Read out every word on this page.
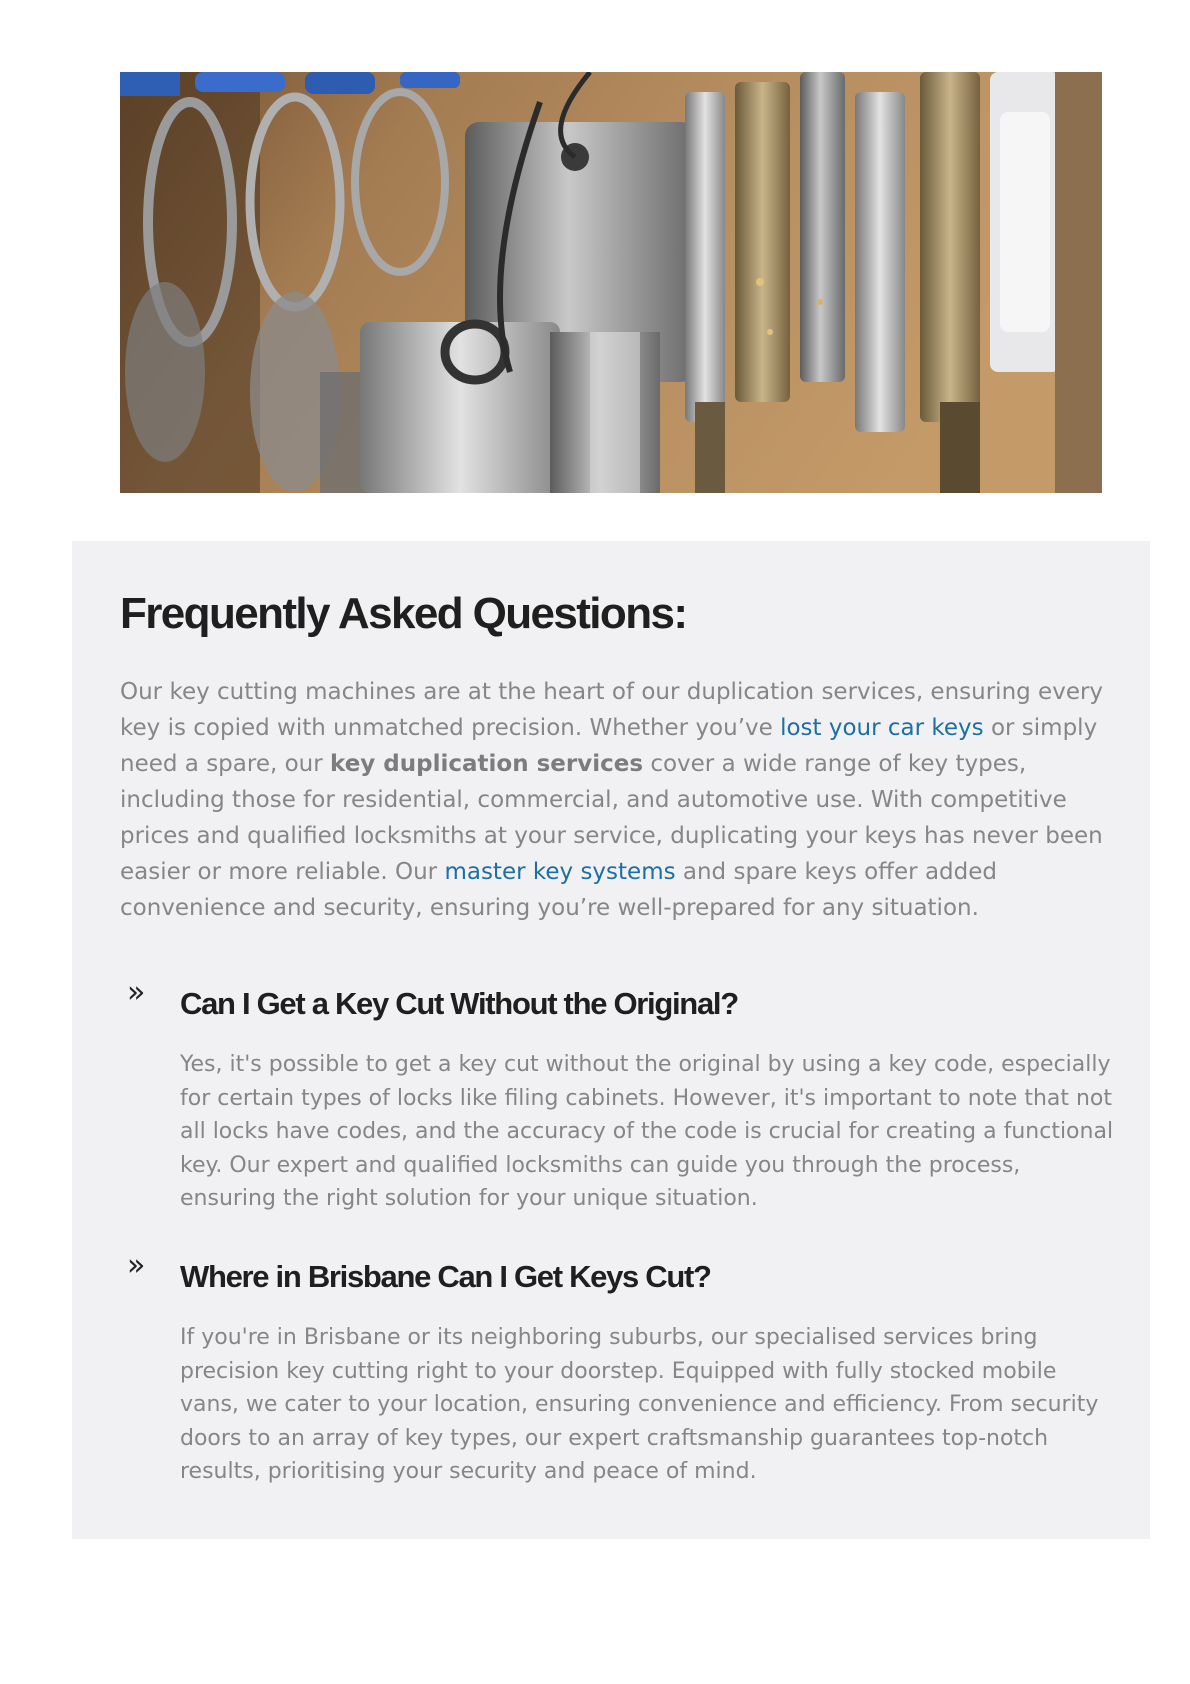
Frequently Asked Questions:

Our key cutting machines are at the heart of our duplication services, ensuring every key is copied with unmatched precision. Whether you’ve lost your car keys or simply need a spare, our key duplication services cover a wide range of key types, including those for residential, commercial, and automotive use. With competitive prices and qualified locksmiths at your service, duplicating your keys has never been easier or more reliable. Our master key systems and spare keys offer added convenience and security, ensuring you’re well-prepared for any situation.

» Can I Get a Key Cut Without the Original?

Yes, it's possible to get a key cut without the original by using a key code, especially for certain types of locks like filing cabinets. However, it's important to note that not all locks have codes, and the accuracy of the code is crucial for creating a functional key. Our expert and qualified locksmiths can guide you through the process, ensuring the right solution for your unique situation.

» Where in Brisbane Can I Get Keys Cut?

If you're in Brisbane or its neighboring suburbs, our specialised services bring precision key cutting right to your doorstep. Equipped with fully stocked mobile vans, we cater to your location, ensuring convenience and efficiency. From security doors to an array of key types, our expert craftsmanship guarantees top-notch results, prioritising your security and peace of mind.
